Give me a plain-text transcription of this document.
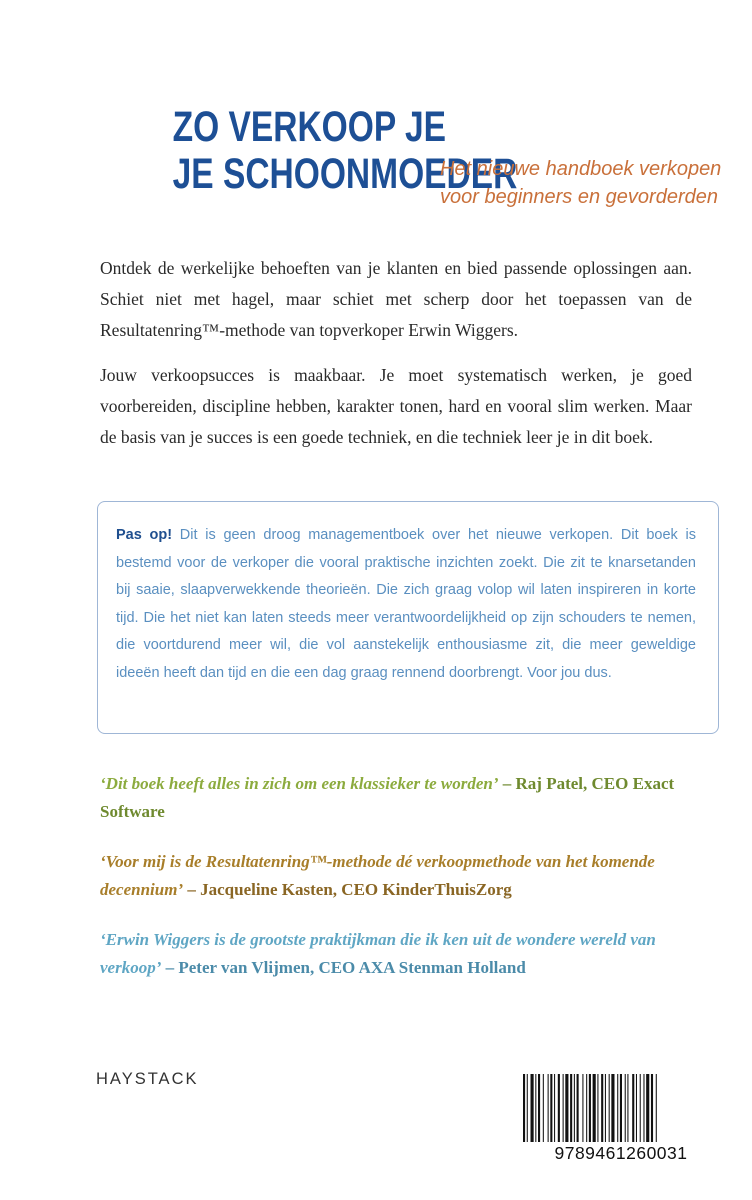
ZO VERKOOP JE
JE SCHOONMOEDER
Het nieuwe handboek verkopen
voor beginners en gevorderden
Ontdek de werkelijke behoeften van je klanten en bied passende oplossingen aan. Schiet niet met hagel, maar schiet met scherp door het toepassen van de Resultatenring™-methode van topverkoper Erwin Wiggers.
Jouw verkoopsucces is maakbaar. Je moet systematisch werken, je goed voorbereiden, discipline hebben, karakter tonen, hard en vooral slim werken. Maar de basis van je succes is een goede techniek, en die techniek leer je in dit boek.
Pas op! Dit is geen droog managementboek over het nieuwe verkopen. Dit boek is bestemd voor de verkoper die vooral praktische inzichten zoekt. Die zit te knarsetanden bij saaie, slaapverwekkende theorieën. Die zich graag volop wil laten inspireren in korte tijd. Die het niet kan laten steeds meer verantwoordelijkheid op zijn schouders te nemen, die voortdurend meer wil, die vol aanstekelijk enthousiasme zit, die meer geweldige ideeën heeft dan tijd en die een dag graag rennend doorbrengt. Voor jou dus.
‘Dit boek heeft alles in zich om een klassieker te worden’ – Raj Patel, CEO Exact Software
‘Voor mij is de Resultatenring™-methode dé verkoopmethode van het komende decennium’ – Jacqueline Kasten, CEO KinderThuisZorg
‘Erwin Wiggers is de grootste praktijkman die ik ken uit de wondere wereld van verkoop’ – Peter van Vlijmen, CEO AXA Stenman Holland
HAYSTACK
9789461260031
